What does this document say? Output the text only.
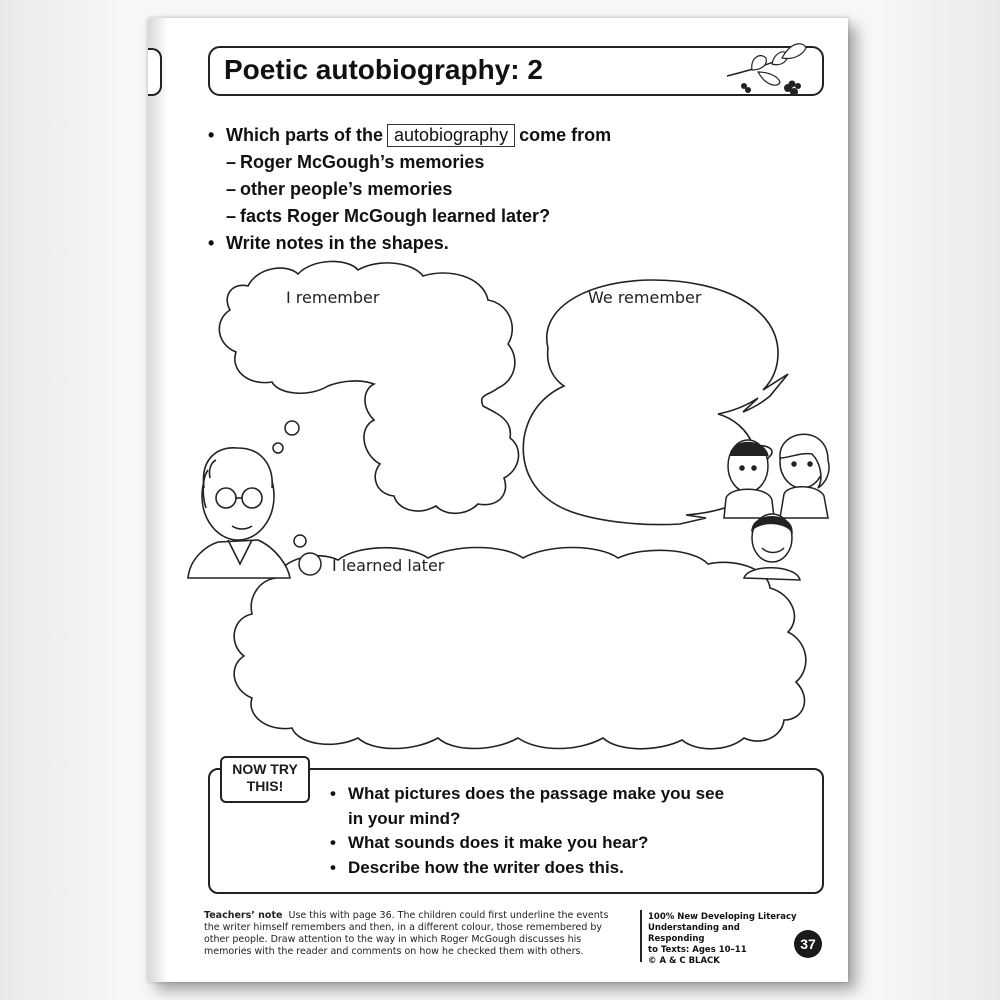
Poetic autobiography: 2
• Which parts of the autobiography come from
– Roger McGough’s memories
– other people’s memories
– facts Roger McGough learned later?
• Write notes in the shapes.
I remember	We remember
I learned later
NOW TRY
THIS!	• What pictures does the passage make you see
in your mind?
• What sounds does it make you hear?
• Describe how the writer does this.
Teachers’ note Use this with page 36. The children could first underline the events the writer himself remembers and then, in a different colour, those remembered by other people. Draw attention to the way in which Roger McGough discusses his memories with the reader and comments on how he checked them with others.
100% New Developing Literacy
Understanding and Responding
to Texts: Ages 10–11
© A & C BLACK
37
